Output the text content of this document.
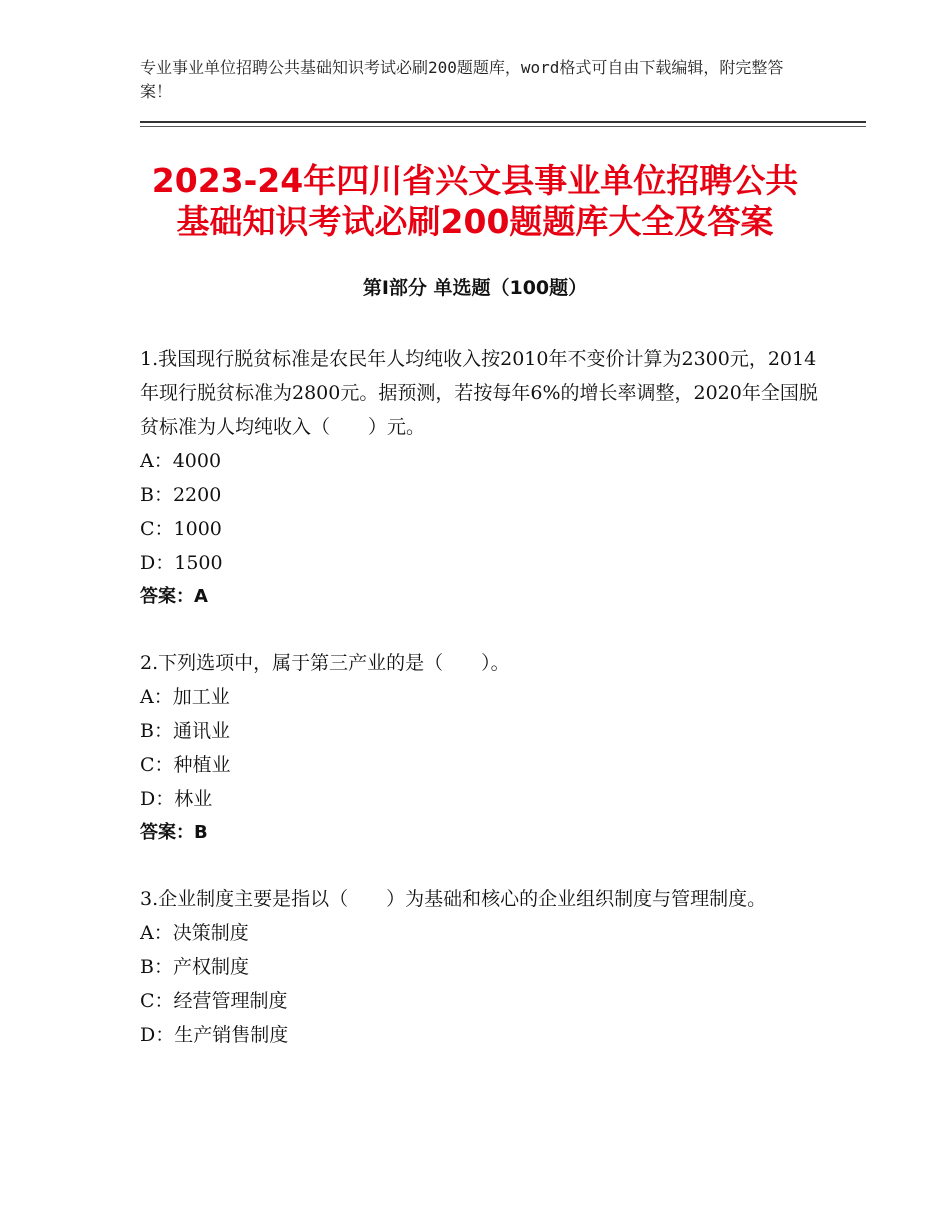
专业事业单位招聘公共基础知识考试必刷200题题库，word格式可自由下载编辑，附完整答案！
2023-24年四川省兴文县事业单位招聘公共
基础知识考试必刷200题题库大全及答案
第Ⅰ部分 单选题（100题）

1.我国现行脱贫标准是农民年人均纯收入按2010年不变价计算为2300元，2014年现行脱贫标准为2800元。据预测，若按每年6%的增长率调整，2020年全国脱贫标准为人均纯收入（　　）元。

A：4000

B：2200

C：1000

D：1500

答案：A

2.下列选项中，属于第三产业的是（　　）。

A：加工业

B：通讯业

C：种植业

D：林业

答案：B

3.企业制度主要是指以（　　）为基础和核心的企业组织制度与管理制度。

A：决策制度

B：产权制度

C：经营管理制度

D：生产销售制度
